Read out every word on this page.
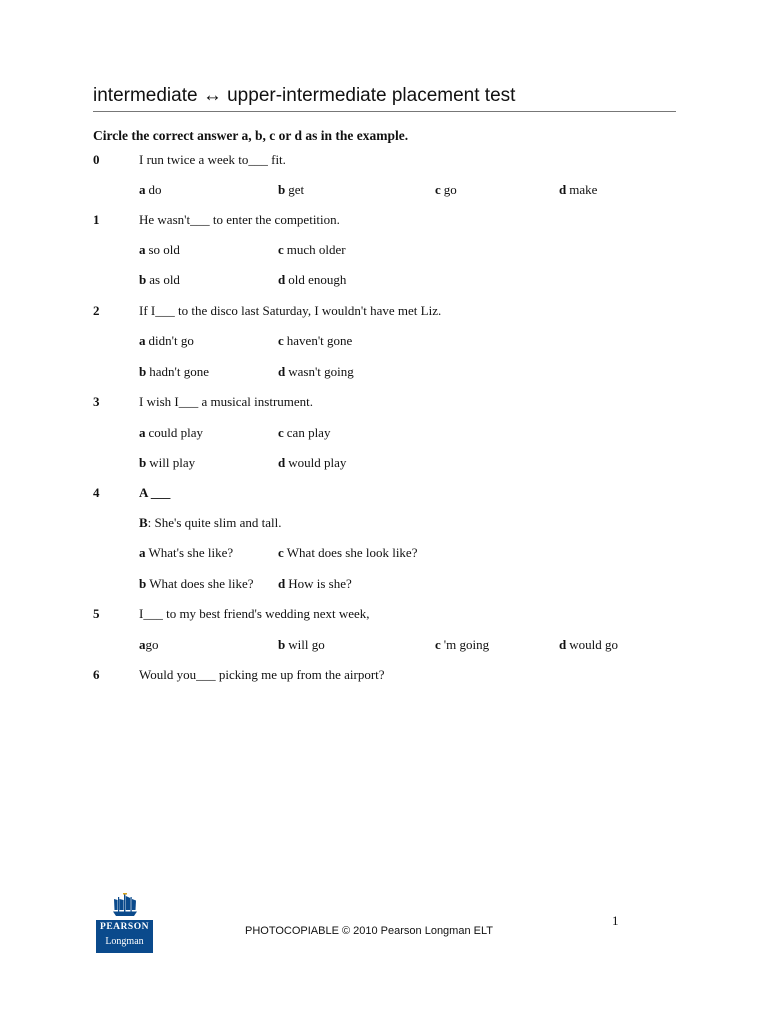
intermediate ↔ upper-intermediate placement test
Circle the correct answer a, b, c or d as in the example.
0	I run twice a week to___ fit.
a do	b get	c go	d make
1	He wasn't___ to enter the competition.
a so old	c much older
b as old	d old enough
2	If I___ to the disco last Saturday, I wouldn't have met Liz.
a didn't go	c haven't gone
b hadn't gone	d wasn't going
3	I wish I___ a musical instrument.
a could play	c can play
b will play	d would play
4	A ___
B: She's quite slim and tall.
a What's she like?	c What does she look like?
b What does she like? d How is she?
5	I___ to my best friend's wedding next week,
ago	b will go	c 'm going	d would go
6	Would you___ picking me up from the airport?
PEARSON
Longman
PHOTOCOPIABLE © 2010 Pearson Longman ELT
1
